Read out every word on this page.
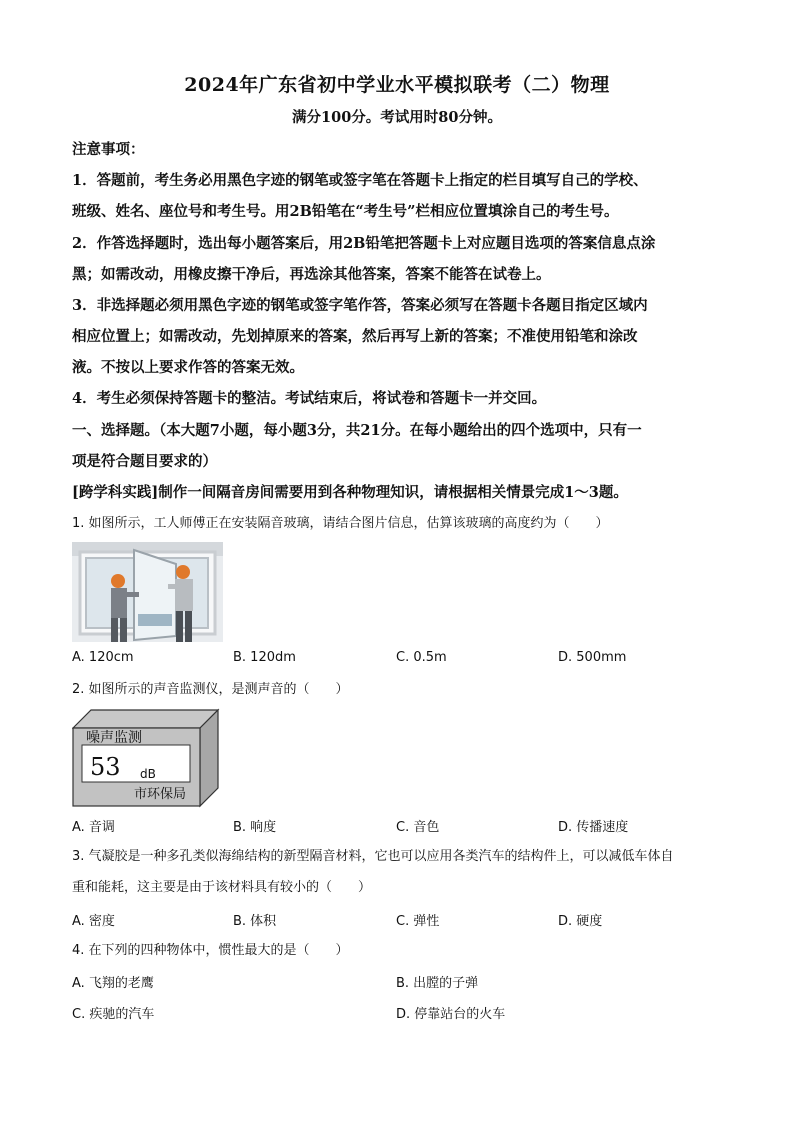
2024年广东省初中学业水平模拟联考（二）物理
满分100分。考试用时80分钟。
注意事项：
1．答题前，考生务必用黑色字迹的钢笔或签字笔在答题卡上指定的栏目填写自己的学校、
班级、姓名、座位号和考生号。用2B铅笔在“考生号”栏相应位置填涂自己的考生号。
2．作答选择题时，选出每小题答案后，用2B铅笔把答题卡上对应题目选项的答案信息点涂
黑；如需改动，用橡皮擦干净后，再选涂其他答案，答案不能答在试卷上。
3．非选择题必须用黑色字迹的钢笔或签字笔作答，答案必须写在答题卡各题目指定区域内
相应位置上；如需改动，先划掉原来的答案，然后再写上新的答案；不准使用铅笔和涂改
液。不按以上要求作答的答案无效。
4．考生必须保持答题卡的整洁。考试结束后，将试卷和答题卡一并交回。
一、选择题。（本大题7小题，每小题3分，共21分。在每小题给出的四个选项中，只有一
项是符合题目要求的）
[跨学科实践]制作一间隔音房间需要用到各种物理知识，请根据相关情景完成1～3题。
1. 如图所示，工人师傅正在安装隔音玻璃，请结合图片信息，估算该玻璃的高度约为（　　）
A. 120cm	B. 120dm	C. 0.5m	D. 500mm
2. 如图所示的声音监测仪，是测声音的（　　）
噪声监测
53 dB
市环保局
A. 音调	B. 响度	C. 音色	D. 传播速度
3. 气凝胶是一种多孔类似海绵结构的新型隔音材料，它也可以应用各类汽车的结构件上，可以减低车体自
重和能耗，这主要是由于该材料具有较小的（　　）
A. 密度	B. 体积	C. 弹性	D. 硬度
4. 在下列的四种物体中，惯性最大的是（　　）
A. 飞翔的老鹰	B. 出膛的子弹
C. 疾驰的汽车	D. 停靠站台的火车
